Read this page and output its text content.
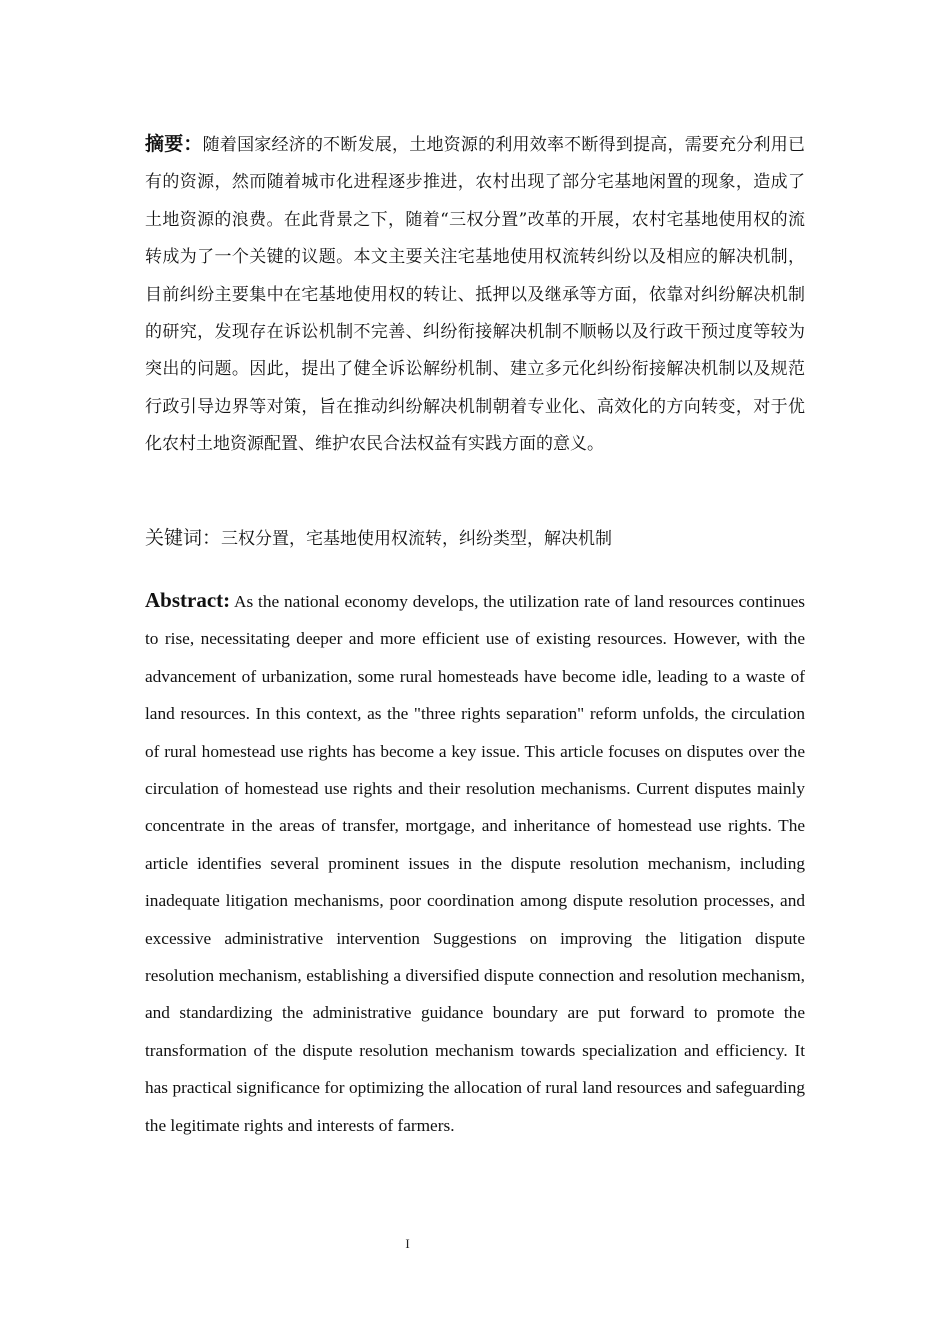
摘要：随着国家经济的不断发展，土地资源的利用效率不断得到提高，需要充分利用已有的资源，然而随着城市化进程逐步推进，农村出现了部分宅基地闲置的现象，造成了土地资源的浪费。在此背景之下，随着“三权分置”改革的开展，农村宅基地使用权的流转成为了一个关键的议题。本文主要关注宅基地使用权流转纠纷以及相应的解决机制，目前纠纷主要集中在宅基地使用权的转让、抵押以及继承等方面，依靠对纠纷解决机制的研究，发现存在诉讼机制不完善、纠纷衔接解决机制不顺畅以及行政干预过度等较为突出的问题。因此，提出了健全诉讼解纷机制、建立多元化纠纷衔接解决机制以及规范行政引导边界等对策，旨在推动纠纷解决机制朝着专业化、高效化的方向转变，对于优化农村土地资源配置、维护农民合法权益有实践方面的意义。

关键词：三权分置，宅基地使用权流转，纠纷类型，解决机制

Abstract: As the national economy develops, the utilization rate of land resources continues to rise, necessitating deeper and more efficient use of existing resources. However, with the advancement of urbanization, some rural homesteads have become idle, leading to a waste of land resources. In this context, as the "three rights separation" reform unfolds, the circulation of rural homestead use rights has become a key issue. This article focuses on disputes over the circulation of homestead use rights and their resolution mechanisms. Current disputes mainly concentrate in the areas of transfer, mortgage, and inheritance of homestead use rights. The article identifies several prominent issues in the dispute resolution mechanism, including inadequate litigation mechanisms, poor coordination among dispute resolution processes, and excessive administrative intervention Suggestions on improving the litigation dispute resolution mechanism, establishing a diversified dispute connection and resolution mechanism, and standardizing the administrative guidance boundary are put forward to promote the transformation of the dispute resolution mechanism towards specialization and efficiency. It has practical significance for optimizing the allocation of rural land resources and safeguarding the legitimate rights and interests of farmers.

I
